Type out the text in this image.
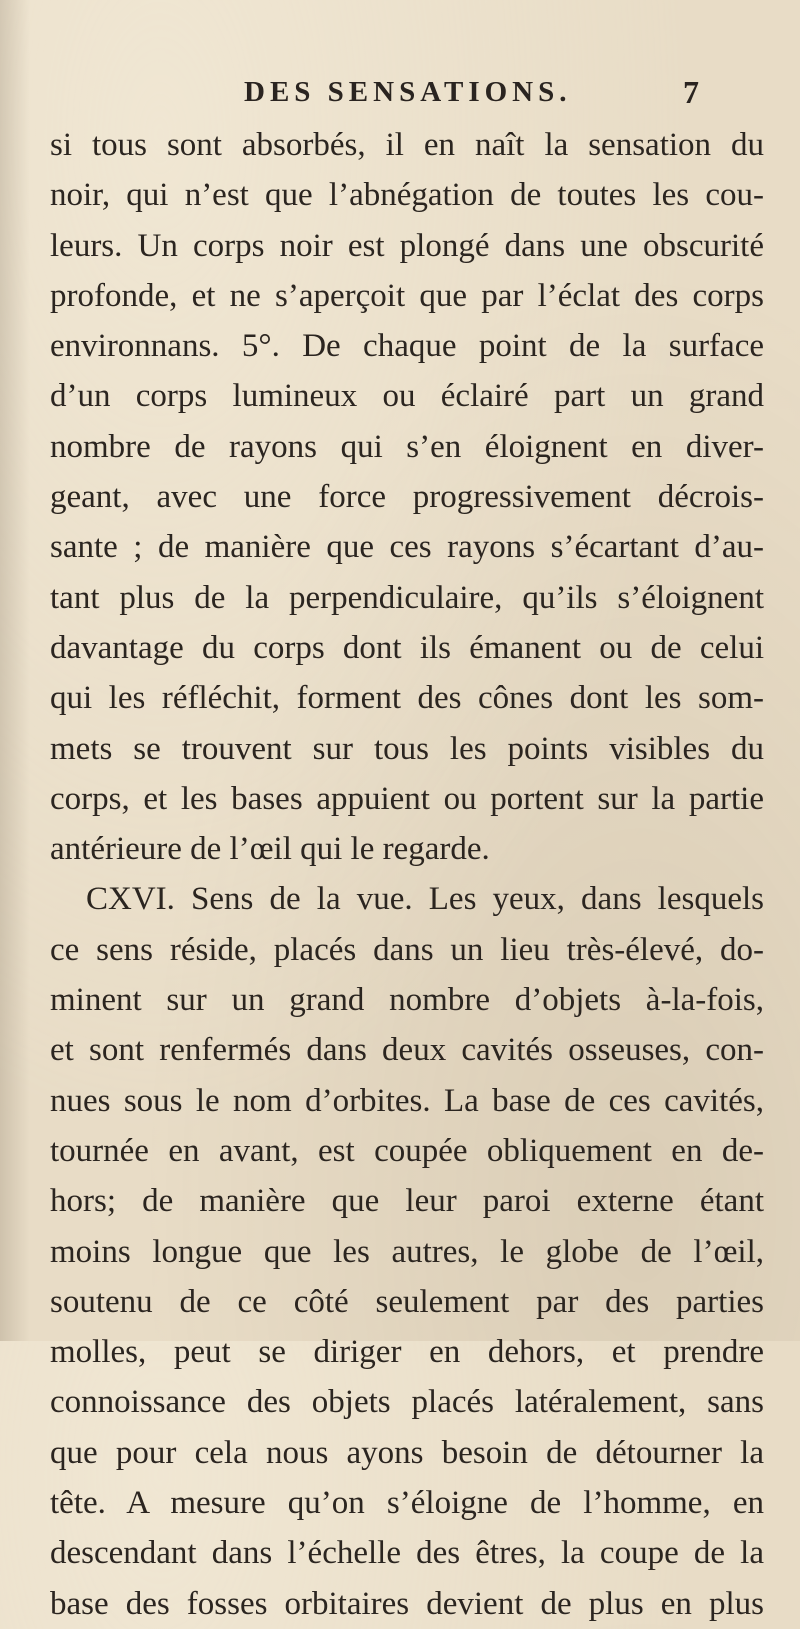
DES SENSATIONS.	7
si tous sont absorbés, il en naît la sensation du
noir, qui n’est que l’abnégation de toutes les cou-
leurs. Un corps noir est plongé dans une obscurité
profonde, et ne s’aperçoit que par l’éclat des corps
environnans. 5°. De chaque point de la surface
d’un corps lumineux ou éclairé part un grand
nombre de rayons qui s’en éloignent en diver-
geant, avec une force progressivement décrois-
sante ; de manière que ces rayons s’écartant d’au-
tant plus de la perpendiculaire, qu’ils s’éloignent
davantage du corps dont ils émanent ou de celui
qui les réfléchit, forment des cônes dont les som-
mets se trouvent sur tous les points visibles du
corps, et les bases appuient ou portent sur la partie
antérieure de l’œil qui le regarde.
CXVI. Sens de la vue. Les yeux, dans lesquels
ce sens réside, placés dans un lieu très-élevé, do-
minent sur un grand nombre d’objets à-la-fois,
et sont renfermés dans deux cavités osseuses, con-
nues sous le nom d’orbites. La base de ces cavités,
tournée en avant, est coupée obliquement en de-
hors; de manière que leur paroi externe étant
moins longue que les autres, le globe de l’œil,
soutenu de ce côté seulement par des parties
molles, peut se diriger en dehors, et prendre
connoissance des objets placés latéralement, sans
que pour cela nous ayons besoin de détourner la
tête. A mesure qu’on s’éloigne de l’homme, en
descendant dans l’échelle des êtres, la coupe de la
base des fosses orbitaires devient de plus en plus
